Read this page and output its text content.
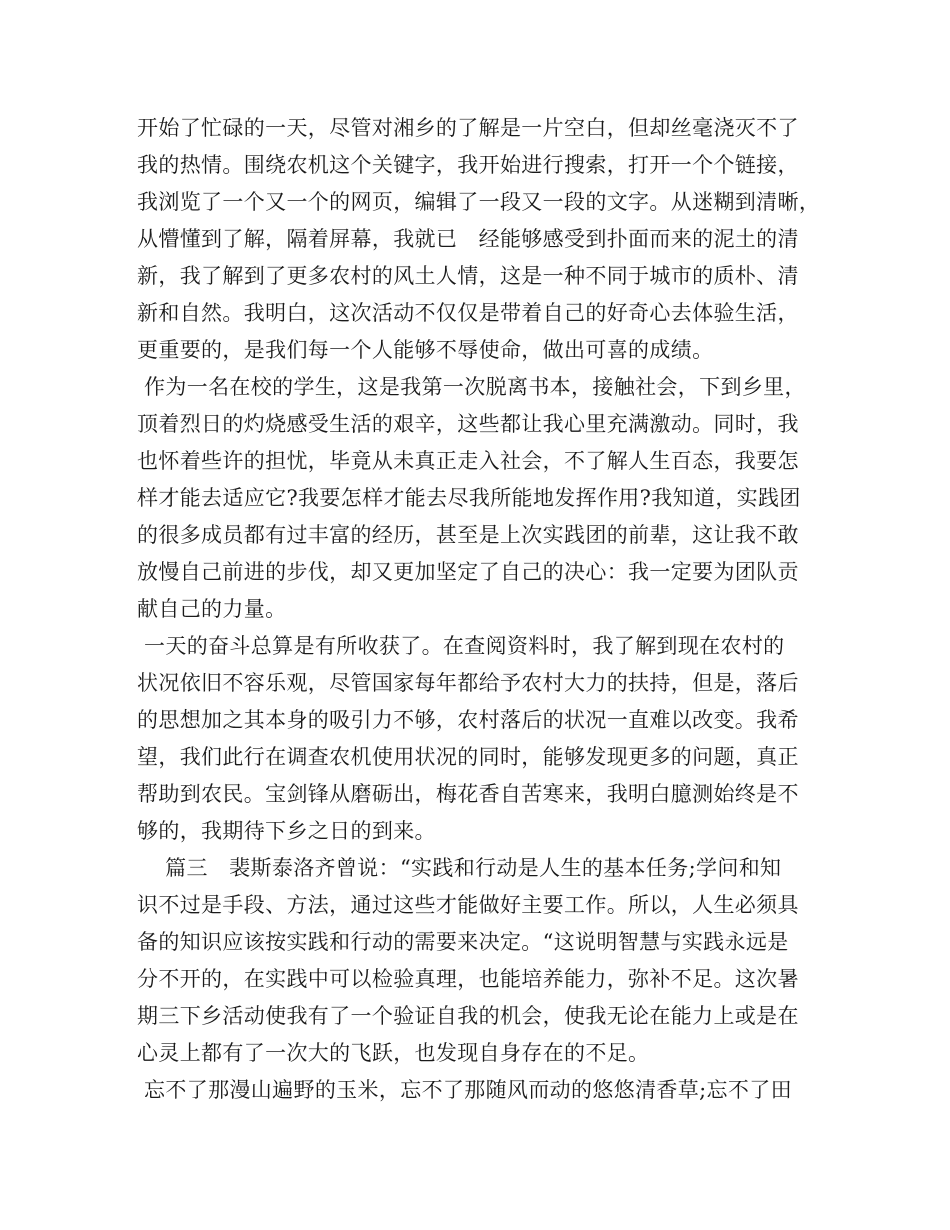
开始了忙碌的一天，尽管对湘乡的了解是一片空白，但却丝毫浇灭不了
我的热情。围绕农机这个关键字，我开始进行搜索，打开一个个链接，
我浏览了一个又一个的网页，编辑了一段又一段的文字。从迷糊到清晰，
从懵懂到了解，隔着屏幕，我就已　经能够感受到扑面而来的泥土的清
新，我了解到了更多农村的风土人情，这是一种不同于城市的质朴、清
新和自然。我明白，这次活动不仅仅是带着自己的好奇心去体验生活，
更重要的，是我们每一个人能够不辱使命，做出可喜的成绩。
作为一名在校的学生，这是我第一次脱离书本，接触社会，下到乡里，
顶着烈日的灼烧感受生活的艰辛，这些都让我心里充满激动。同时，我
也怀着些许的担忧，毕竟从未真正走入社会，不了解人生百态，我要怎
样才能去适应它?我要怎样才能去尽我所能地发挥作用?我知道，实践团
的很多成员都有过丰富的经历，甚至是上次实践团的前辈，这让我不敢
放慢自己前进的步伐，却又更加坚定了自己的决心：我一定要为团队贡
献自己的力量。
一天的奋斗总算是有所收获了。在查阅资料时，我了解到现在农村的
状况依旧不容乐观，尽管国家每年都给予农村大力的扶持，但是，落后
的思想加之其本身的吸引力不够，农村落后的状况一直难以改变。我希
望，我们此行在调查农机使用状况的同时，能够发现更多的问题，真正
帮助到农民。宝剑锋从磨砺出，梅花香自苦寒来，我明白臆测始终是不
够的，我期待下乡之日的到来。
篇三　裴斯泰洛齐曾说：“实践和行动是人生的基本任务;学问和知
识不过是手段、方法，通过这些才能做好主要工作。所以，人生必须具
备的知识应该按实践和行动的需要来决定。“这说明智慧与实践永远是
分不开的，在实践中可以检验真理，也能培养能力，弥补不足。这次暑
期三下乡活动使我有了一个验证自我的机会，使我无论在能力上或是在
心灵上都有了一次大的飞跃，也发现自身存在的不足。
忘不了那漫山遍野的玉米，忘不了那随风而动的悠悠清香草;忘不了田
